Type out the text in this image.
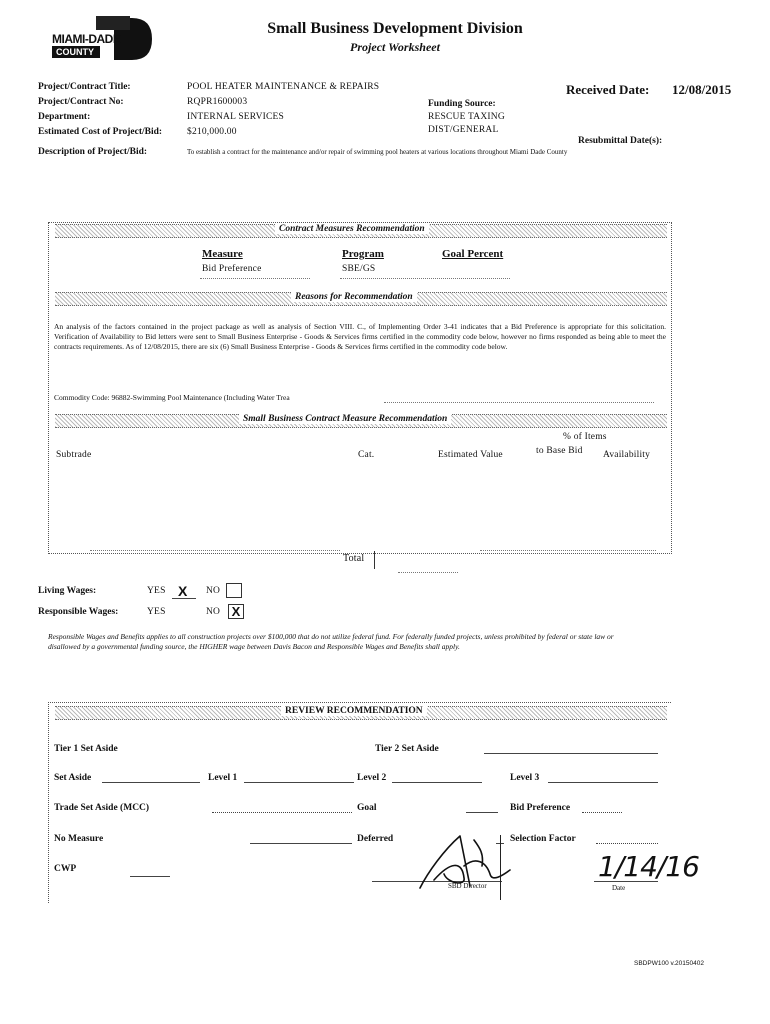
MIAMI-DADE
COUNTY
Small Business Development Division
Project Worksheet
Project/Contract Title:	POOL HEATER MAINTENANCE & REPAIRS
Project/Contract No:	RQPR1600003
Department:	INTERNAL SERVICES
Estimated Cost of Project/Bid:	$210,000.00
Description of Project/Bid:	To establish a contract for the maintenance and/or repair of swimming pool heaters at various locations throughout Miami Dade County
Funding Source:
RESCUE TAXING
DIST/GENERAL
Received Date: 12/08/2015
Resubmittal Date(s):
Contract Measures Recommendation
Measure	Program	Goal Percent
Bid Preference	SBE/GS
Reasons for Recommendation
An analysis of the factors contained in the project package as well as analysis of Section VIII. C., of Implementing Order 3-41 indicates that a Bid Preference is appropriate for this solicitation. Verification of Availability to Bid letters were sent to Small Business Enterprise - Goods & Services firms certified in the commodity code below, however no firms responded as being able to meet the contracts requirements. As of 12/08/2015, there are six (6) Small Business Enterprise - Goods & Services firms certified in the commodity code below.
Commodity Code: 96882-Swimming Pool Maintenance (Including Water Trea
Small Business Contract Measure Recommendation
Subtrade	Cat.	Estimated Value
% of Items
to Base Bid Availability
Total
Living Wages:	YES X NO
Responsible Wages:	YES	NO X
Responsible Wages and Benefits applies to all construction projects over $100,000 that do not utilize federal fund. For federally funded projects, unless prohibited by federal or state law or disallowed by a governmental funding source, the HIGHER wage between Davis Bacon and Responsible Wages and Benefits shall apply.
REVIEW RECOMMENDATION
Tier 1 Set Aside	Tier 2 Set Aside
Set Aside	Level 1	Level 2	Level 3
Trade Set Aside (MCC)	Goal	Bid Preference
No Measure	Deferred	Selection Factor
CWP
SBD Director	Date
1/14/16
SBDPW100 v.20150402
